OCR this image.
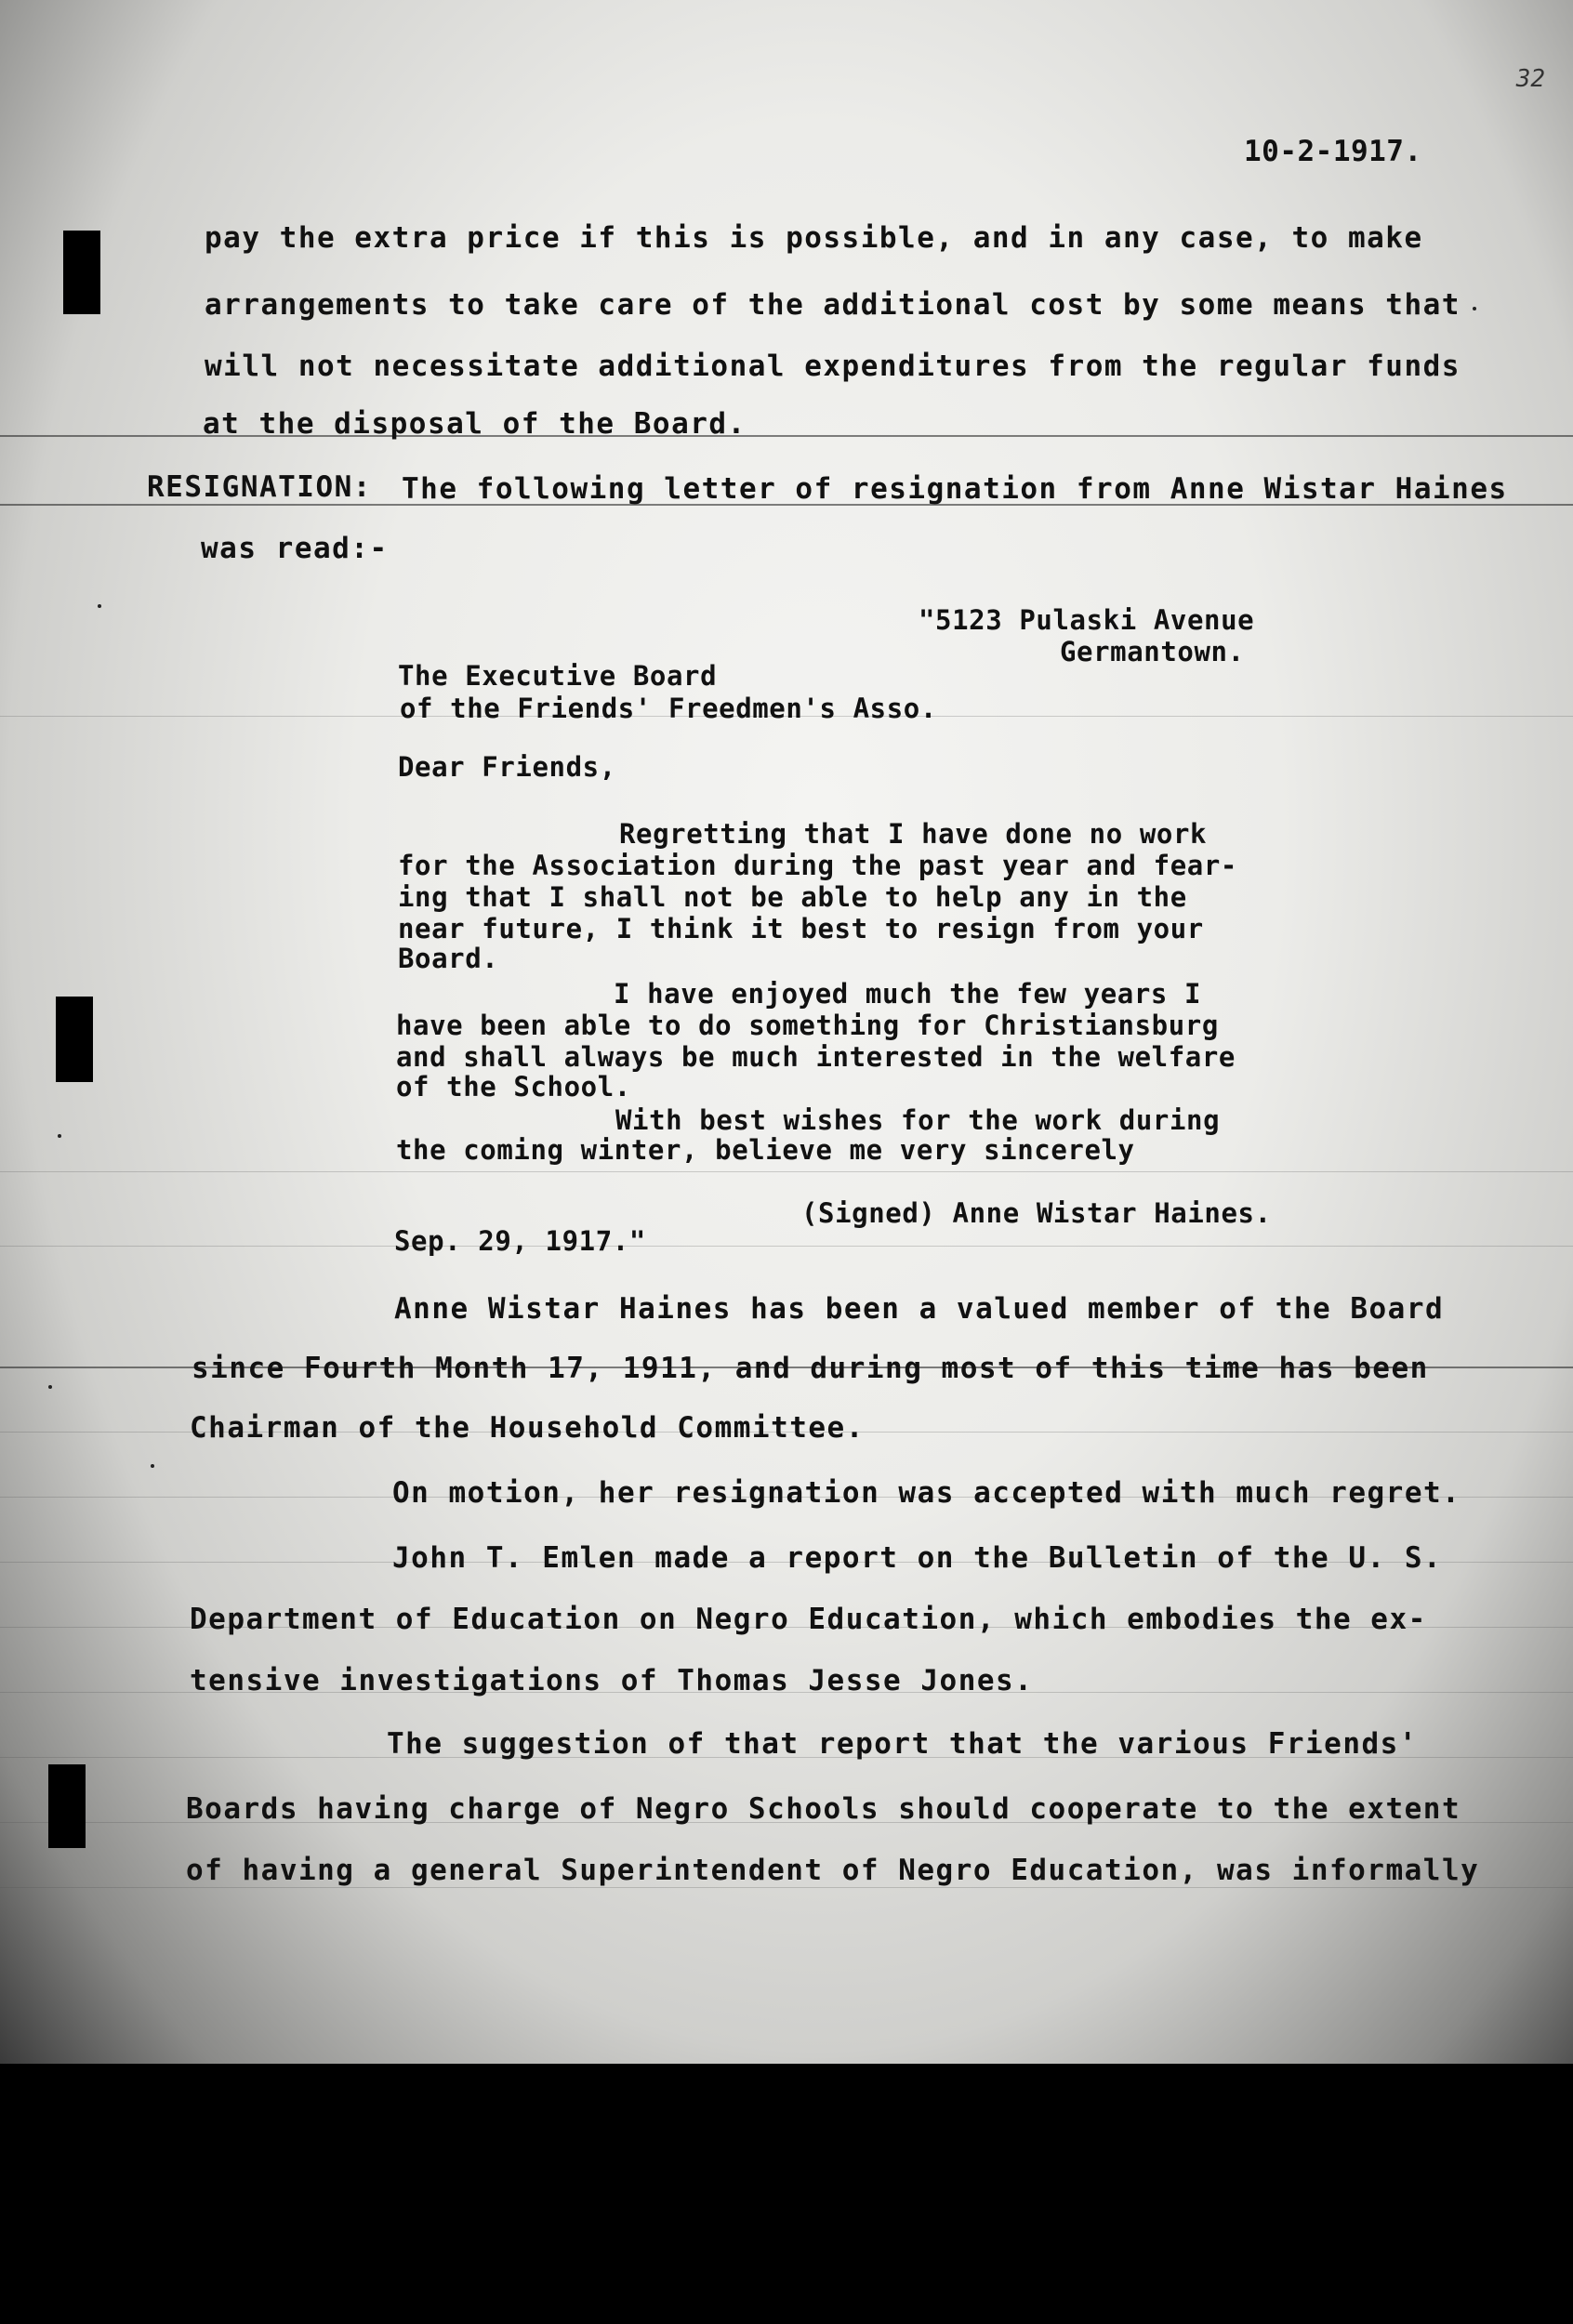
32
10-2-1917.
pay the extra price if this is possible, and in any case, to make
arrangements to take care of the additional cost by some means that
will not necessitate additional expenditures from the regular funds
at the disposal of the Board.
RESIGNATION: The following letter of resignation from Anne Wistar Haines
was read:-
"5123 Pulaski Avenue
Germantown.
The Executive Board
of the Friends' Freedmen's Asso.
Dear Friends,
Regretting that I have done no work
for the Association during the past year and fear-
ing that I shall not be able to help any in the
near future, I think it best to resign from your
Board.
I have enjoyed much the few years I
have been able to do something for Christiansburg
and shall always be much interested in the welfare
of the School.
With best wishes for the work during
the coming winter, believe me very sincerely
(Signed) Anne Wistar Haines.
Sep. 29, 1917."
Anne Wistar Haines has been a valued member of the Board
since Fourth Month 17, 1911, and during most of this time has been
Chairman of the Household Committee.
On motion, her resignation was accepted with much regret.
John T. Emlen made a report on the Bulletin of the U. S.
Department of Education on Negro Education, which embodies the ex-
tensive investigations of Thomas Jesse Jones.
The suggestion of that report that the various Friends'
Boards having charge of Negro Schools should cooperate to the extent
of having a general Superintendent of Negro Education, was informally
